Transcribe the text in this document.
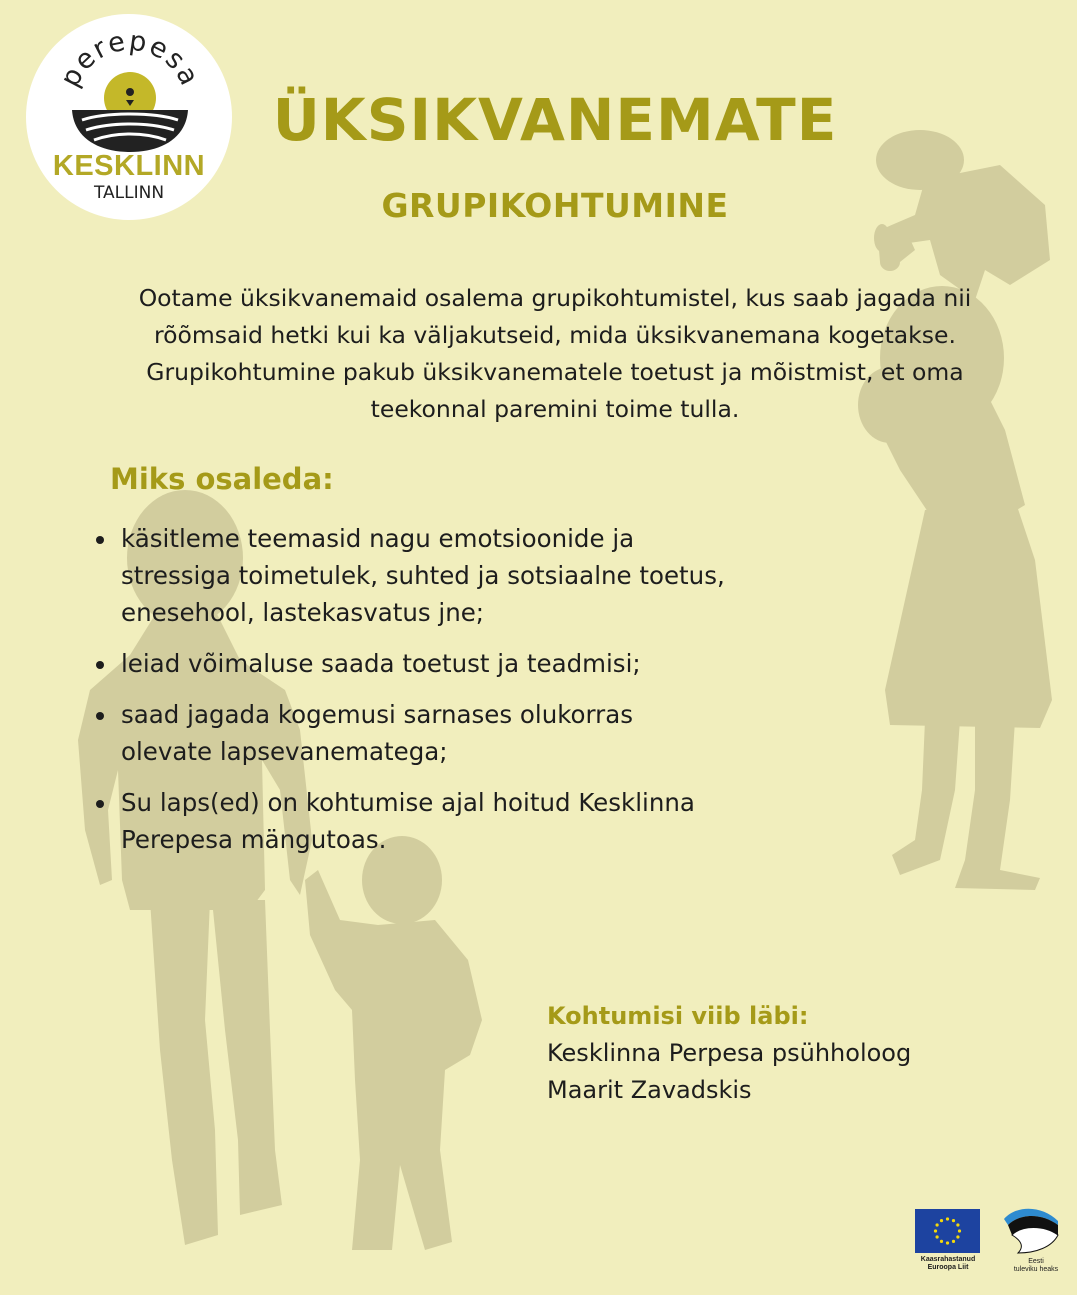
perepesa
KESKLINN
TALLINN
ÜKSIKVANEMATE
GRUPIKOHTUMINE
Ootame üksikvanemaid osalema grupikohtumistel, kus saab jagada nii
rõõmsaid hetki kui ka väljakutseid, mida üksikvanemana kogetakse.
Grupikohtumine pakub üksikvanematele toetust ja mõistmist, et oma
teekonnal paremini toime tulla.
Miks osaleda:
käsitleme teemasid nagu emotsioonide ja
stressiga toimetulek, suhted ja sotsiaalne toetus,
enesehool, lastekasvatus jne;
leiad võimaluse saada toetust ja teadmisi;
saad jagada kogemusi sarnases olukorras
olevate lapsevanematega;
Su laps(ed) on kohtumise ajal hoitud Kesklinna
Perepesa mängutoas.
Kohtumisi viib läbi:
Kesklinna Perpesa psühholoog
Maarit Zavadskis
Kaasrahastanud
Euroopa Liit
Eesti
tuleviku heaks
